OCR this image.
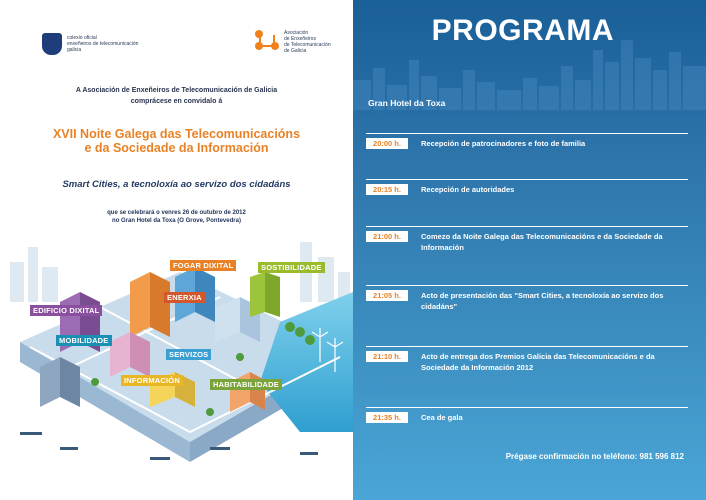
colexio oficial
enxeñeiros de telecomunicación
galicia
Asociación
de Enxeñeiros
de Telecomunicación
de Galicia
A Asociación de Enxeñeiros de Telecomunicación de Galicia
comprácese en convidalo á
XVII Noite Galega das Telecomunicacións
e da Sociedade da Información
Smart Cities, a tecnoloxía ao servizo dos cidadáns
que se celebrará o venres 26 de outubro de 2012
no Gran Hotel da Toxa (O Grove, Pontevedra)
FOGAR DIXITAL	SOSTIBILIDADE
ENERXIA
EDIFICIO DIXITAL
MOBILIDADE
SERVIZOS
INFORMACIÓN	HABITABILIDADE
PROGRAMA
Gran Hotel da Toxa
20:00 h.	Recepción de patrocinadores e foto de familia
20:15 h.	Recepción de autoridades
21:00 h.	Comezo da Noite Galega das Telecomunicacións e da Sociedade da Información
21:05 h.	Acto de presentación das "Smart Cities, a tecnoloxía ao servizo dos cidadáns"
21:10 h.	Acto de entrega dos Premios Galicia das Telecomunicacións e da Sociedade da Información 2012
21:35 h.	Cea de gala
Prégase confirmación no teléfono: 981 596 812
